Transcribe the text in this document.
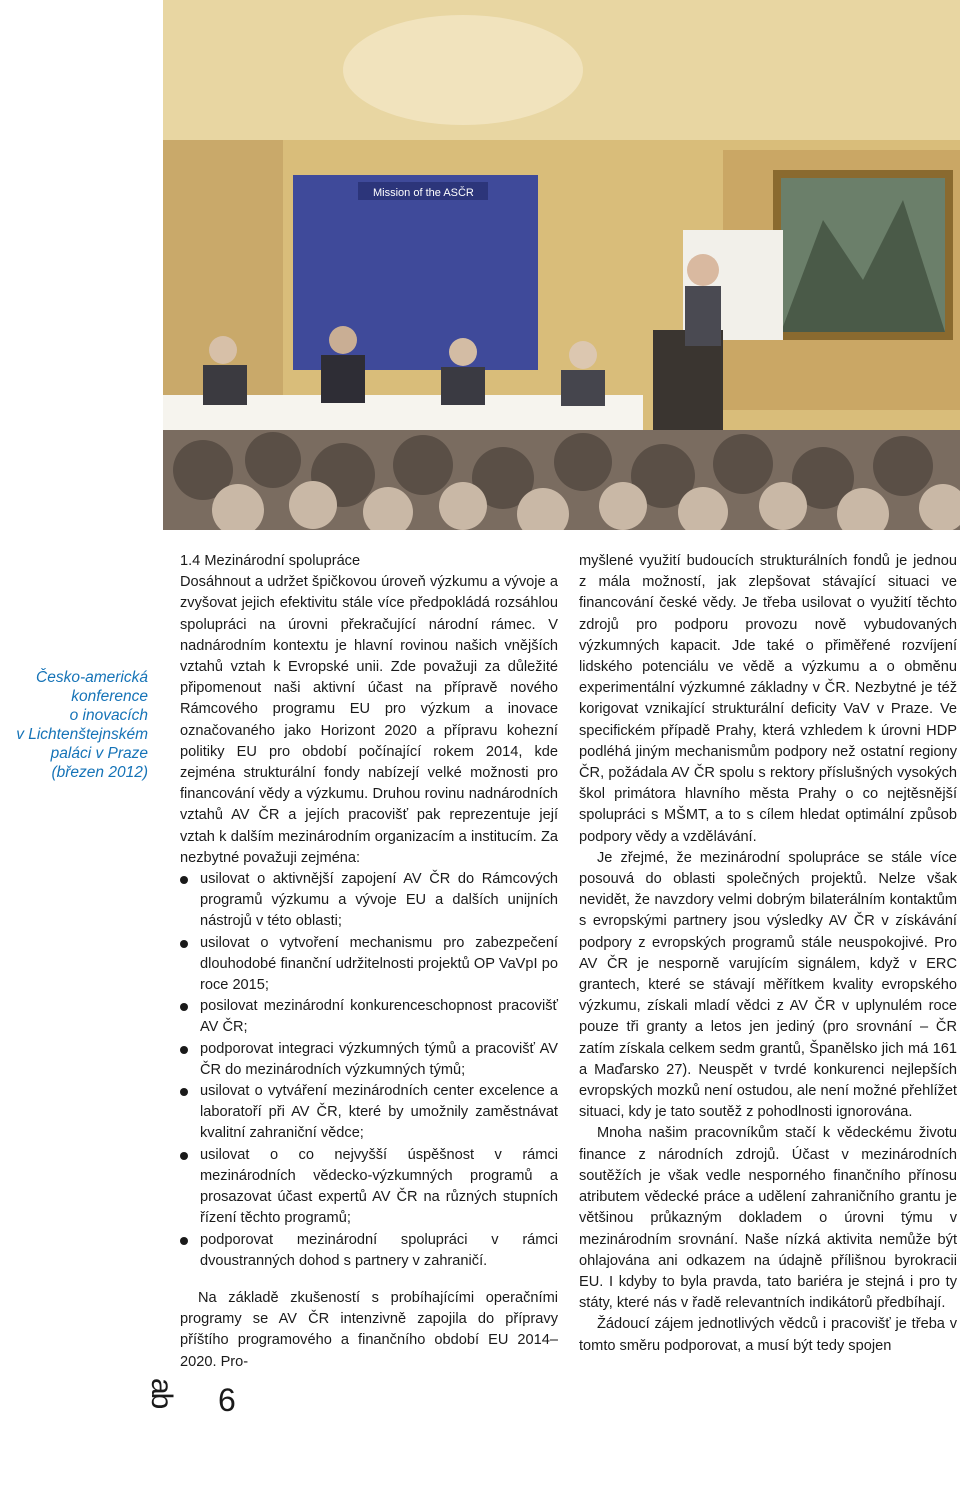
Mission of the ASČR
Česko-americká
konference
o inovacích
v Lichtenštejnském
paláci v Praze
(březen 2012)
1.4 Mezinárodní spolupráce

Dosáhnout a udržet špičkovou úroveň výzkumu a vývoje a zvyšovat jejich efektivitu stále více předpokládá rozsáhlou spolupráci na úrovni překračující národní rámec. V nadnárodním kontextu je hlavní rovinou našich vnějších vztahů vztah k Evropské unii. Zde považuji za důležité připomenout naši aktivní účast na přípravě nového Rámcového programu EU pro výzkum a inovace označovaného jako Horizont 2020 a přípravu kohezní politiky EU pro období počínající rokem 2014, kde zejména strukturální fondy nabízejí velké možnosti pro financování vědy a výzkumu. Druhou rovinu nadnárodních vztahů AV ČR a jejích pracovišť pak reprezentuje její vztah k dalším mezinárodním organizacím a institucím. Za nezbytné považuji zejména:

usilovat o aktivnější zapojení AV ČR do Rámcových programů výzkumu a vývoje EU a dalších unijních nástrojů v této oblasti;
usilovat o vytvoření mechanismu pro zabezpečení dlouhodobé finanční udržitelnosti projektů OP VaVpI po roce 2015;
posilovat mezinárodní konkurenceschopnost pracovišť AV ČR;
podporovat integraci výzkumných týmů a pracovišť AV ČR do mezinárodních výzkumných týmů;
usilovat o vytváření mezinárodních center excelence a laboratoří při AV ČR, které by umožnily zaměstnávat kvalitní zahraniční vědce;
usilovat o co nejvyšší úspěšnost v rámci mezinárodních vědecko-výzkumných programů a prosazovat účast expertů AV ČR na různých stupních řízení těchto programů;
podporovat mezinárodní spolupráci v rámci dvoustranných dohod s partnery v zahraničí.

Na základě zkušeností s probíhajícími operačními programy se AV ČR intenzivně zapojila do přípravy příštího programového a finančního období EU 2014–2020. Pro-

myšlené využití budoucích strukturálních fondů je jednou z mála možností, jak zlepšovat stávající situaci ve financování české vědy. Je třeba usilovat o využití těchto zdrojů pro podporu provozu nově vybudovaných výzkumných kapacit. Jde také o přiměřené rozvíjení lidského potenciálu ve vědě a výzkumu a o obměnu experimentální výzkumné základny v ČR. Nezbytné je též korigovat vznikající strukturální deficity VaV v Praze. Ve specifickém případě Prahy, která vzhledem k úrovni HDP podléhá jiným mechanismům podpory než ostatní regiony ČR, požádala AV ČR spolu s rektory příslušných vysokých škol primátora hlavního města Prahy o co nejtěsnější spolupráci s MŠMT, a to s cílem hledat optimální způsob podpory vědy a vzdělávání.

Je zřejmé, že mezinárodní spolupráce se stále více posouvá do oblasti společných projektů. Nelze však nevidět, že navzdory velmi dobrým bilaterálním kontaktům s evropskými partnery jsou výsledky AV ČR v získávání podpory z evropských programů stále neuspokojivé. Pro AV ČR je nesporně varujícím signálem, když v ERC grantech, které se stávají měřítkem kvality evropského výzkumu, získali mladí vědci z AV ČR v uplynulém roce pouze tři granty a letos jen jediný (pro srovnání – ČR zatím získala celkem sedm grantů, Španělsko jich má 161 a Maďarsko 27). Neuspět v tvrdé konkurenci nejlepších evropských mozků není ostudou, ale není možné přehlížet situaci, kdy je tato soutěž z pohodlnosti ignorována.

Mnoha našim pracovníkům stačí k vědeckému životu finance z národních zdrojů. Účast v mezinárodních soutěžích je však vedle nesporného finančního přínosu atributem vědecké práce a udělení zahraničního grantu je většinou průkazným dokladem o úrovni týmu v mezinárodním srovnání. Naše nízká aktivita nemůže být ohlajována ani odkazem na údajně přílišnou byrokracii EU. I kdyby to byla pravda, tato bariéra je stejná i pro ty státy, které nás v řadě relevantních indikátorů předbíhají.

Žádoucí zájem jednotlivých vědců i pracovišť je třeba v tomto směru podporovat, a musí být tedy spojen

ab 6
